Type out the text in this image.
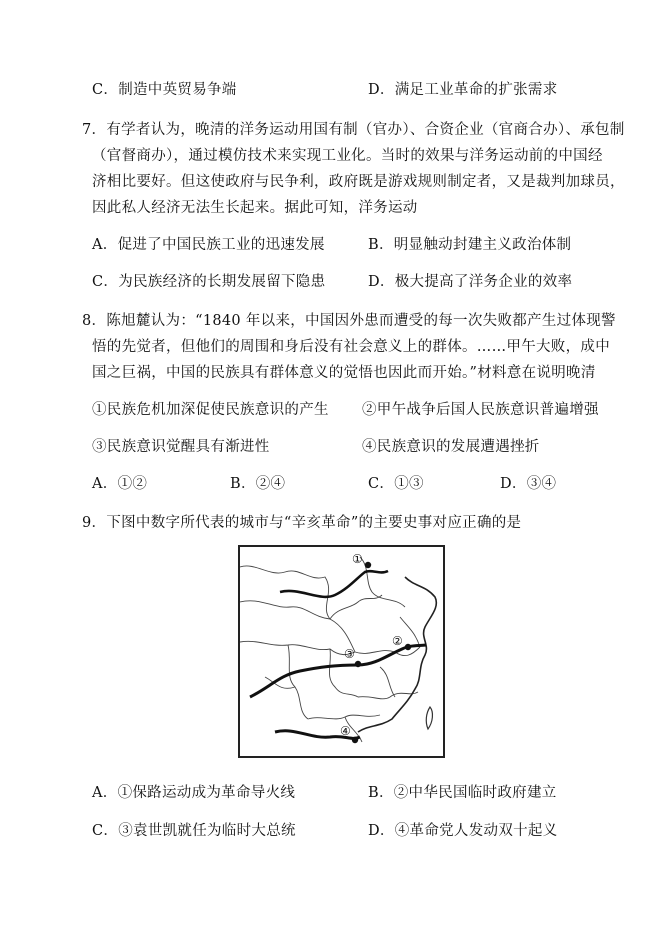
C．制造中英贸易争端	D．满足工业革命的扩张需求
7．有学者认为，晚清的洋务运动用国有制（官办）、合资企业（官商合办）、承包制
（官督商办），通过模仿技术来实现工业化。当时的效果与洋务运动前的中国经
济相比要好。但这使政府与民争利，政府既是游戏规则制定者，又是裁判加球员，
因此私人经济无法生长起来。据此可知，洋务运动
A．促进了中国民族工业的迅速发展	B．明显触动封建主义政治体制
C．为民族经济的长期发展留下隐患	D．极大提高了洋务企业的效率
8．陈旭麓认为：“1840 年以来，中国因外患而遭受的每一次失败都产生过体现警
悟的先觉者，但他们的周围和身后没有社会意义上的群体。……甲午大败，成中
国之巨祸，中国的民族具有群体意义的觉悟也因此而开始。”材料意在说明晚清
①民族危机加深促使民族意识的产生 ②甲午战争后国人民族意识普遍增强
③民族意识觉醒具有渐进性	④民族意识的发展遭遇挫折
A．①②	B．②④	C．①③	D．③④
9．下图中数字所代表的城市与“辛亥革命”的主要史事对应正确的是
①
②
③
④
A．①保路运动成为革命导火线	B．②中华民国临时政府建立
C．③袁世凯就任为临时大总统	D．④革命党人发动双十起义
